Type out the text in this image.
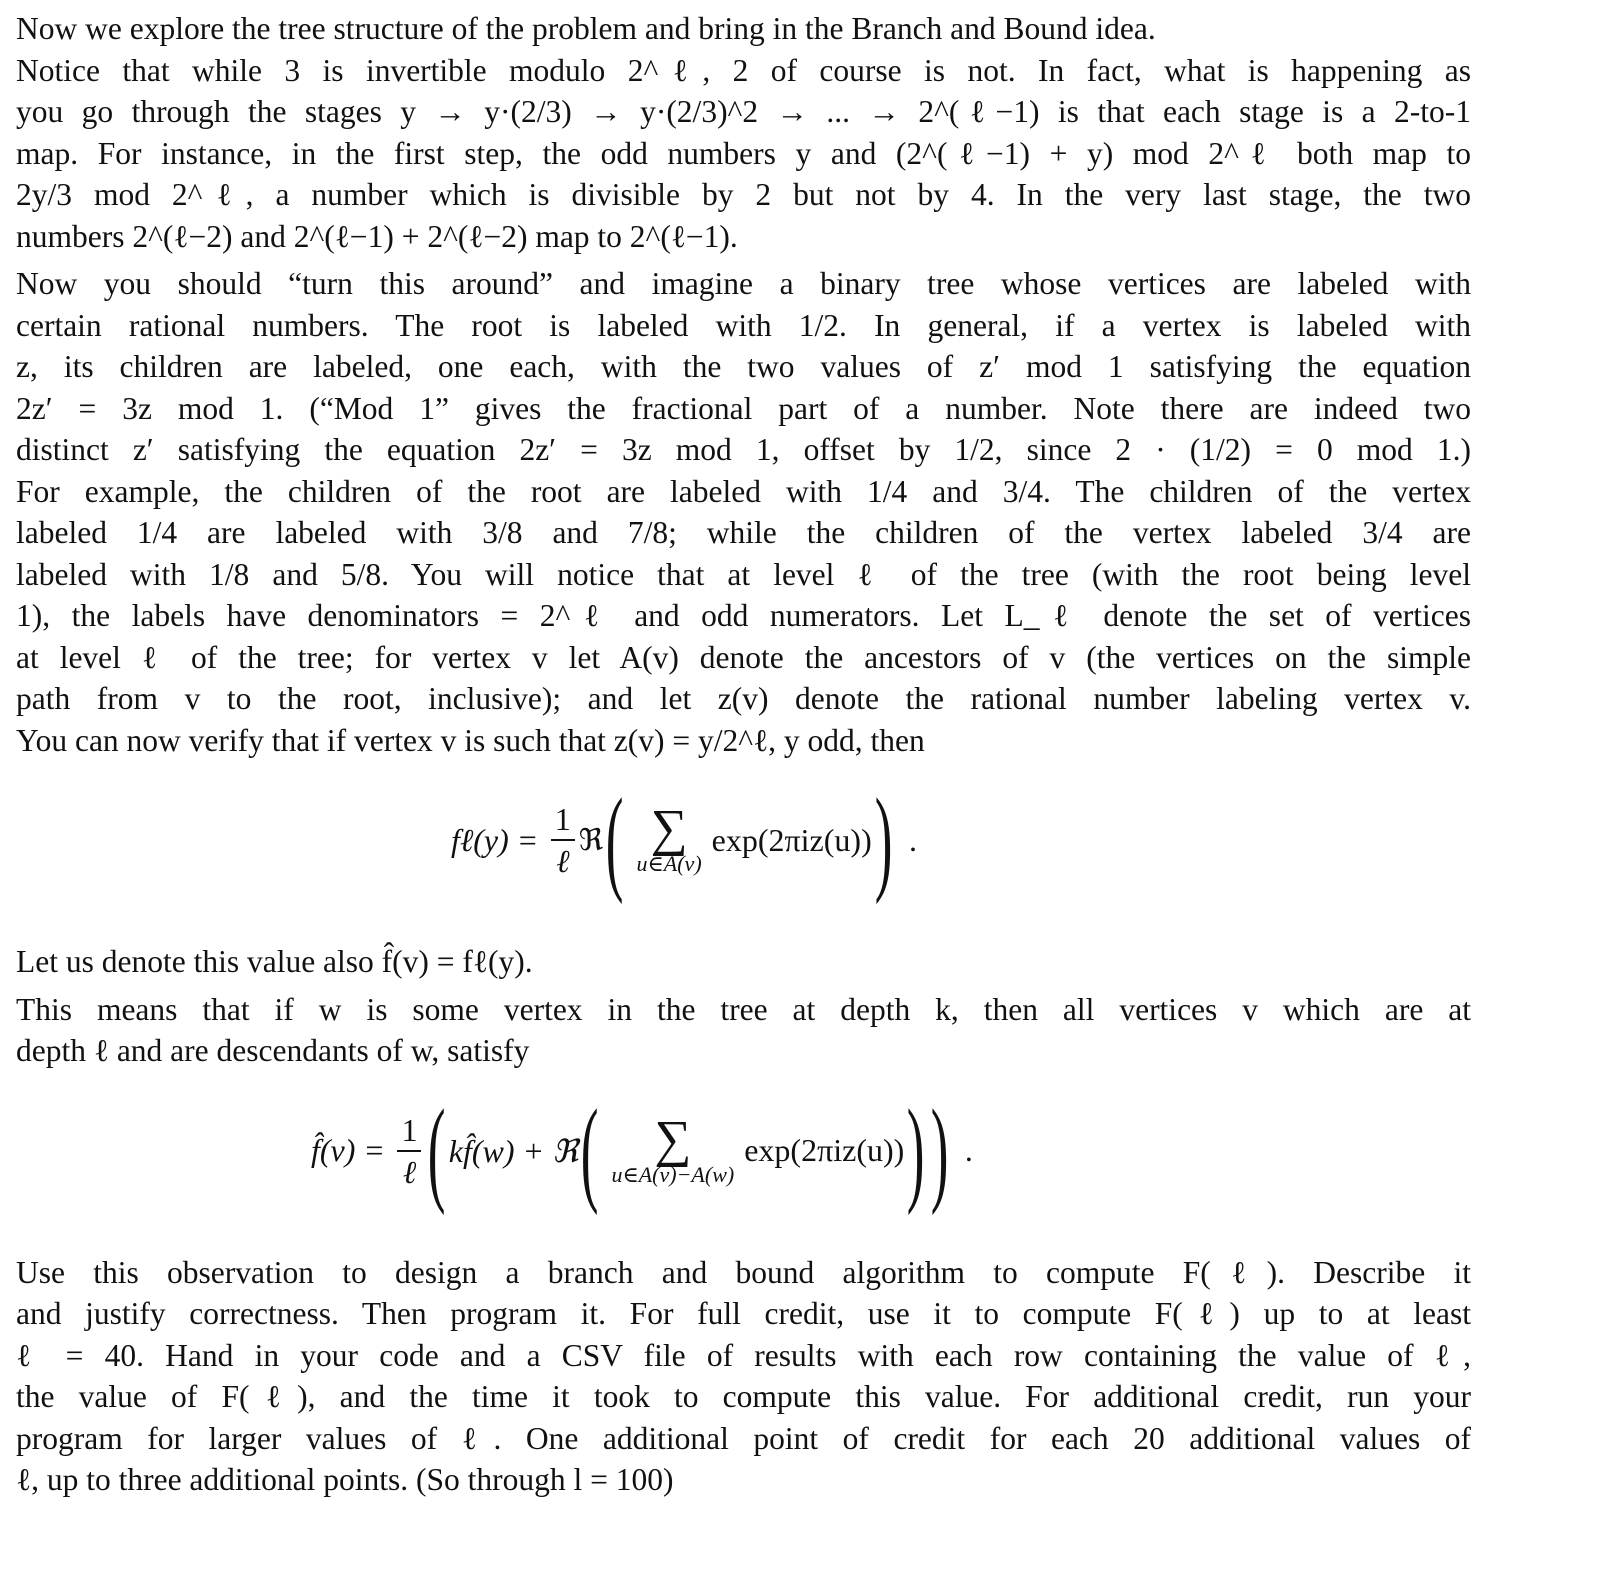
Now we explore the tree structure of the problem and bring in the Branch and Bound idea.
Notice that while 3 is invertible modulo 2^ℓ, 2 of course is not. In fact, what is happening as
you go through the stages y → y·(2/3) → y·(2/3)^2 → ... → 2^(ℓ−1) is that each stage is a 2-to-1
map. For instance, in the first step, the odd numbers y and (2^(ℓ−1) + y) mod 2^ℓ both map to
2y/3 mod 2^ℓ, a number which is divisible by 2 but not by 4. In the very last stage, the two
numbers 2^(ℓ−2) and 2^(ℓ−1) + 2^(ℓ−2) map to 2^(ℓ−1).
Now you should “turn this around” and imagine a binary tree whose vertices are labeled with
certain rational numbers. The root is labeled with 1/2. In general, if a vertex is labeled with
z, its children are labeled, one each, with the two values of z′ mod 1 satisfying the equation
2z′ = 3z mod 1. (“Mod 1” gives the fractional part of a number. Note there are indeed two
distinct z′ satisfying the equation 2z′ = 3z mod 1, offset by 1/2, since 2 · (1/2) = 0 mod 1.)
For example, the children of the root are labeled with 1/4 and 3/4. The children of the vertex
labeled 1/4 are labeled with 3/8 and 7/8; while the children of the vertex labeled 3/4 are
labeled with 1/8 and 5/8. You will notice that at level ℓ of the tree (with the root being level
1), the labels have denominators = 2^ℓ and odd numerators. Let L_ℓ denote the set of vertices
at level ℓ of the tree; for vertex v let A(v) denote the ancestors of v (the vertices on the simple
path from v to the root, inclusive); and let z(v) denote the rational number labeling vertex v.
You can now verify that if vertex v is such that z(v) = y/2^ℓ, y odd, then
fℓ(y) = $\frac{1}{\text{ℓ}}$ ℜ ( ∑
u∈A(v)
exp(2πiz(u)) ) .
Let us denote this value also f̂(v) = fℓ(y).
This means that if w is some vertex in the tree at depth k, then all vertices v which are at
depth ℓ and are descendants of w, satisfy
f̂(v) = $\frac{1}{\text{ℓ}}$ ( kf̂(w) + ℜ ( ∑
u∈A(v)−A(w)
exp(2πiz(u)) ) ) .
Use this observation to design a branch and bound algorithm to compute F(ℓ). Describe it
and justify correctness. Then program it. For full credit, use it to compute F(ℓ) up to at least
ℓ = 40. Hand in your code and a CSV file of results with each row containing the value of ℓ,
the value of F(ℓ), and the time it took to compute this value. For additional credit, run your
program for larger values of ℓ. One additional point of credit for each 20 additional values of
ℓ, up to three additional points. (So through l = 100)
